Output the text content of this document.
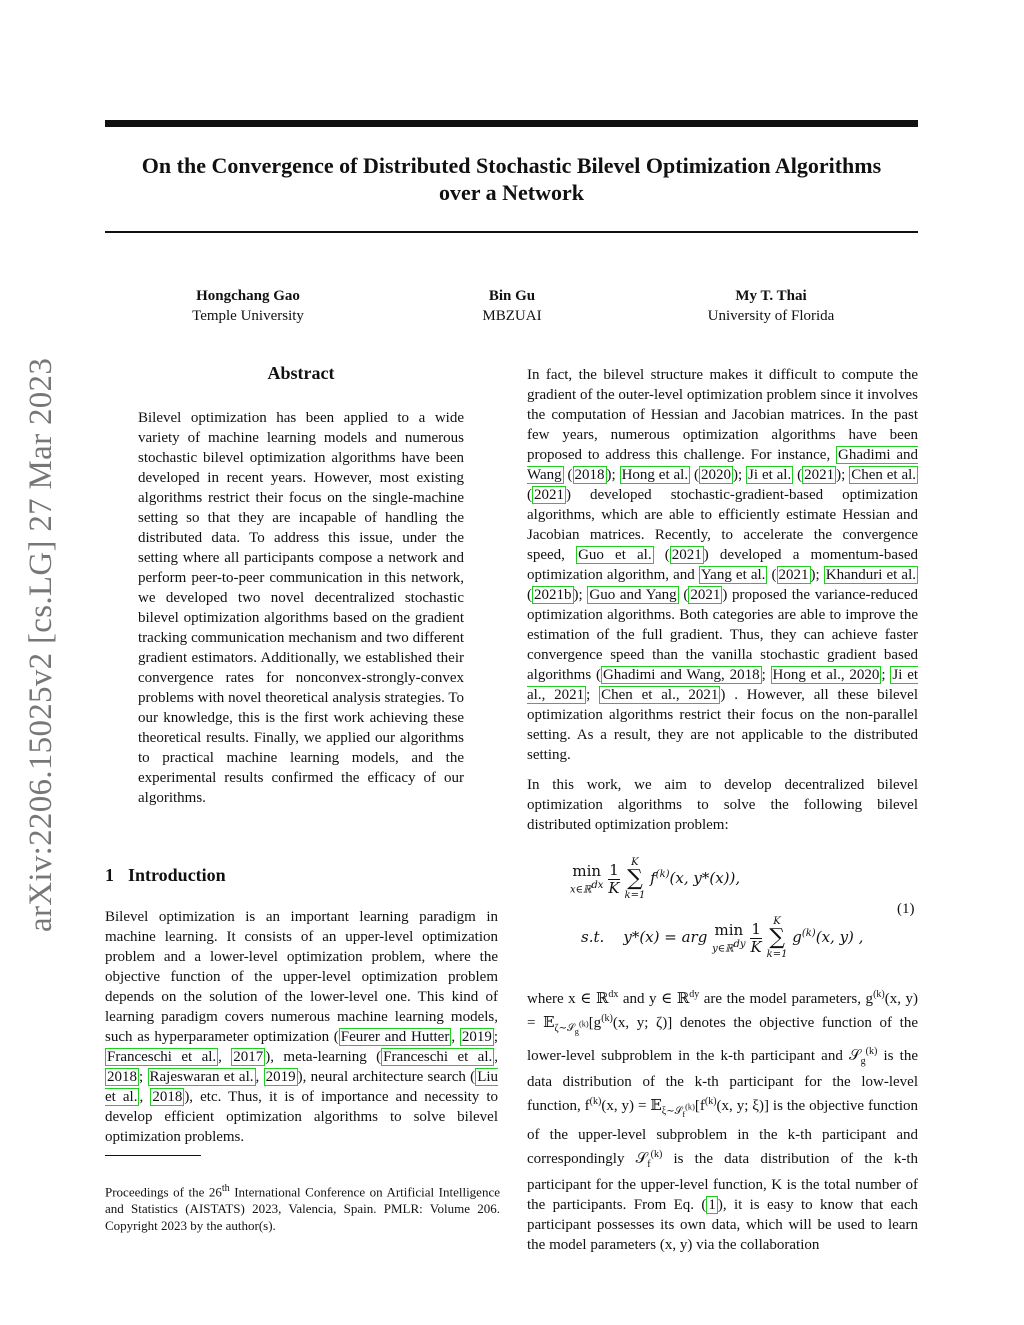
On the Convergence of Distributed Stochastic Bilevel Optimization Algorithms
over a Network
Hongchang Gao
Temple University
Bin Gu
MBZUAI
My T. Thai
University of Florida
arXiv:2206.15025v2 [cs.LG] 27 Mar 2023	Abstract
Bilevel optimization has been applied to a wide variety of machine learning models and numerous stochastic bilevel optimization algorithms have been developed in recent years. However, most existing algorithms restrict their focus on the single-machine setting so that they are incapable of handling the distributed data. To address this issue, under the setting where all participants compose a network and perform peer-to-peer communication in this network, we developed two novel decentralized stochastic bilevel optimization algorithms based on the gradient tracking communication mechanism and two different gradient estimators. Additionally, we established their convergence rates for nonconvex-strongly-convex problems with novel theoretical analysis strategies. To our knowledge, this is the first work achieving these theoretical results. Finally, we applied our algorithms to practical machine learning models, and the experimental results confirmed the efficacy of our algorithms.
1 Introduction
Bilevel optimization is an important learning paradigm in machine learning. It consists of an upper-level optimization problem and a lower-level optimization problem, where the objective function of the upper-level optimization problem depends on the solution of the lower-level one. This kind of learning paradigm covers numerous machine learning models, such as hyperparameter optimization ( Feurer and Hutter , 2019 ; Franceschi et al. , 2017 ), meta-learning ( Franceschi et al. , 2018 ; Rajeswaran et al. , 2019 ), neural architecture search ( Liu et al. , 2018 ), etc. Thus, it is of importance and necessity to develop efficient optimization algorithms to solve bilevel optimization problems.
Proceedings of the 26th International Conference on Artificial Intelligence and Statistics (AISTATS) 2023, Valencia, Spain. PMLR: Volume 206. Copyright 2023 by the author(s).
In fact, the bilevel structure makes it difficult to compute the gradient of the outer-level optimization problem since it involves the computation of Hessian and Jacobian matrices. In the past few years, numerous optimization algorithms have been proposed to address this challenge. For instance, Ghadimi and Wang ( 2018 ); Hong et al. ( 2020 ); Ji et al. ( 2021 ); Chen et al. ( 2021 ) developed stochastic-gradient-based optimization algorithms, which are able to efficiently estimate Hessian and Jacobian matrices. Recently, to accelerate the convergence speed, Guo et al. ( 2021 ) developed a momentum-based optimization algorithm, and Yang et al. ( 2021 ); Khanduri et al. ( 2021b ); Guo and Yang ( 2021 ) proposed the variance-reduced optimization algorithms. Both categories are able to improve the estimation of the full gradient. Thus, they can achieve faster convergence speed than the vanilla stochastic gradient based algorithms ( Ghadimi and Wang, 2018 ; Hong et al., 2020 ; Ji et al., 2021 ; Chen et al., 2021 ) . However, all these bilevel optimization algorithms restrict their focus on the non-parallel setting. As a result, they are not applicable to the distributed setting.
In this work, we aim to develop decentralized bilevel optimization algorithms to solve the following bilevel distributed optimization problem:
min
x∈ℝdx
$\frac{1}{K}$
	K
∑
k=1
$f^{(k)}(x$, y*(x)),
s.t. y*(x) = arg min
y∈ℝdy
$\frac{1}{K}$
	K
∑
k=1
$g^{(k)}(x$, y) ,
(1)
where x ∈ ℝ$^{dx}$ and y ∈ ℝ$^{dy}$ are the model parameters, $g^{(k)}(x$, $y) = 𝔼_{\zeta\sim 𝒮_g^{(k)}}[g^{(k)}(x$, y; ζ)] denotes the objective function of the lower-level subproblem in the k-th participant and 𝒮$_g^{(k)}$ is the data distribution of the k-th participant for the low-level function, $f^{(k)}(x$, $y) = 𝔼_{\xi\sim 𝒮_f^{(k)}}[f^{(k)}(x$, y; ξ)] is the objective function of the upper-level subproblem in the k-th participant and correspondingly 𝒮$_f^{(k)}$ is the data distribution of the k-th participant for the upper-level function, K is the total number of the participants. From Eq. ( 1 ), it is easy to know that each participant possesses its own data, which will be used to learn the model parameters (x, y) via the collaboration
